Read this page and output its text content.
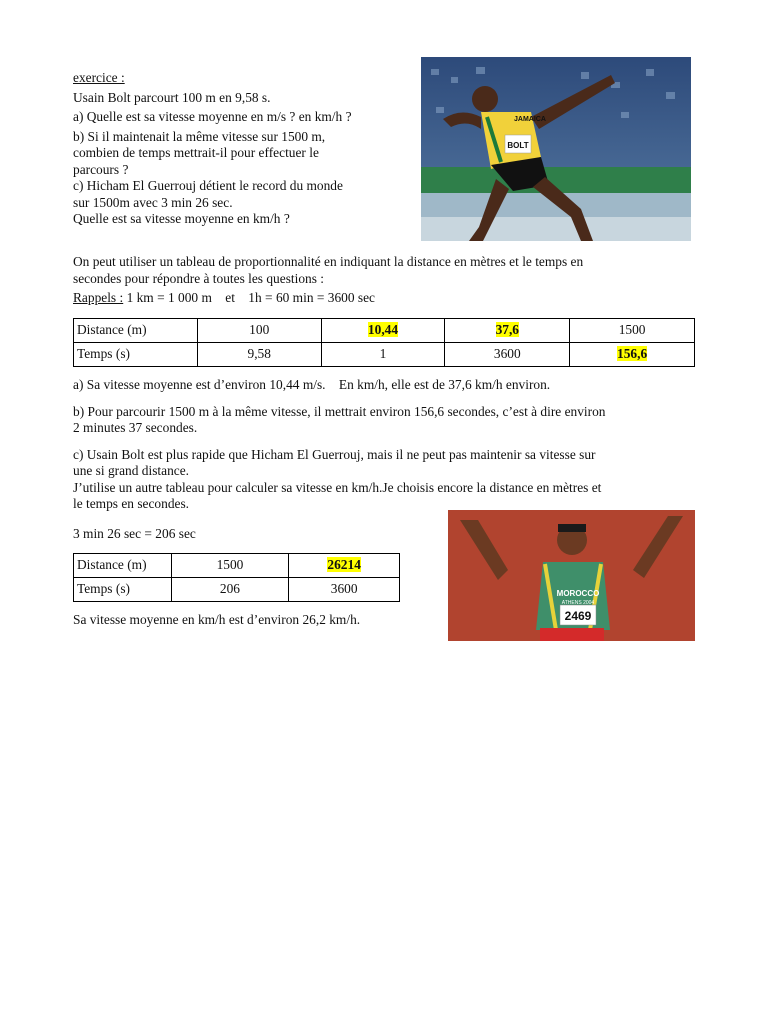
exercice :
Usain Bolt parcourt 100 m en 9,58 s.
a) Quelle est sa vitesse moyenne en m/s ? en km/h ?
b) Si il maintenait la même vitesse sur 1500 m,
combien de temps mettrait-il pour effectuer le
parcours ?
c) Hicham El Guerrouj détient le record du monde
sur 1500m avec 3 min 26 sec.
Quelle est sa vitesse moyenne en km/h ?
BOLT
JAMAICA
On peut utiliser un tableau de proportionnalité en indiquant la distance en mètres et le temps en
secondes pour répondre à toutes les questions :
Rappels : 1 km = 1 000 m    et    1h = 60 min = 3600 sec
Distance (m)	100	10,44	37,6	1500
Temps (s)	9,58	1	3600	156,6
a) Sa vitesse moyenne est d’environ 10,44 m/s.    En km/h, elle est de 37,6 km/h environ.
b) Pour parcourir 1500 m à la même vitesse, il mettrait environ 156,6 secondes, c’est à dire environ
2 minutes 37 secondes.
c) Usain Bolt est plus rapide que Hicham El Guerrouj, mais il ne peut pas maintenir sa vitesse sur
une si grand distance.
J’utilise un autre tableau pour calculer sa vitesse en km/h.Je choisis encore la distance en mètres et
le temps en secondes.
3 min 26 sec = 206 sec
Distance (m)	1500	26214
Temps (s)	206	3600
Sa vitesse moyenne en km/h est d’environ 26,2 km/h.
MOROCCO
ATHENS 2004
2469
